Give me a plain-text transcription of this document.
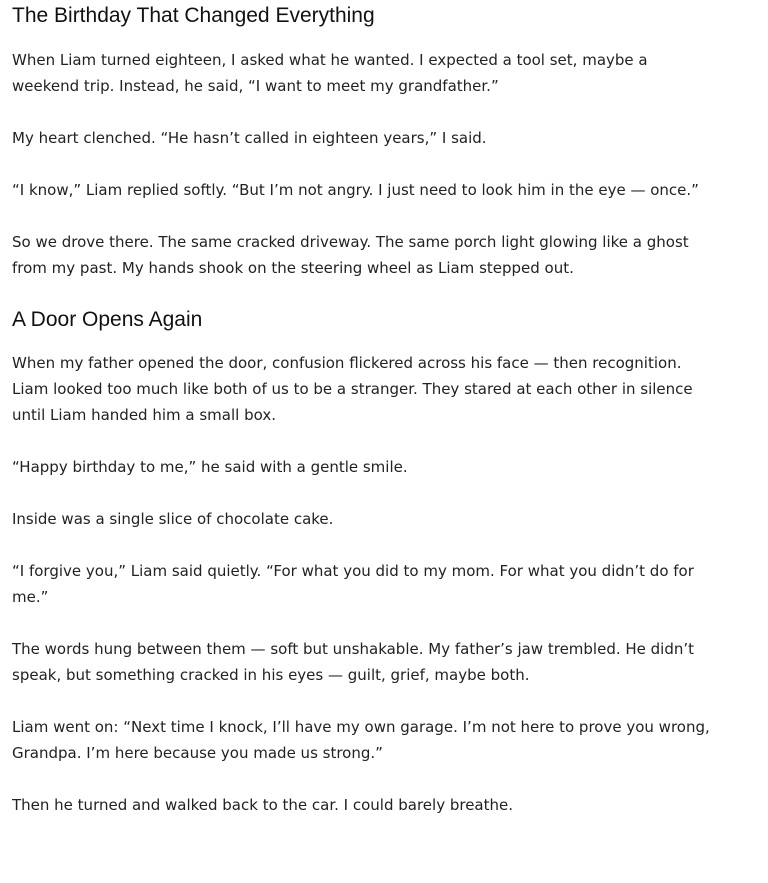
The Birthday That Changed Everything

When Liam turned eighteen, I asked what he wanted. I expected a tool set, maybe a weekend trip. Instead, he said, “I want to meet my grandfather.”

My heart clenched. “He hasn’t called in eighteen years,” I said.

“I know,” Liam replied softly. “But I’m not angry. I just need to look him in the eye — once.”

So we drove there. The same cracked driveway. The same porch light glowing like a ghost from my past. My hands shook on the steering wheel as Liam stepped out.

A Door Opens Again

When my father opened the door, confusion flickered across his face — then recognition. Liam looked too much like both of us to be a stranger. They stared at each other in silence until Liam handed him a small box.

“Happy birthday to me,” he said with a gentle smile.

Inside was a single slice of chocolate cake.

“I forgive you,” Liam said quietly. “For what you did to my mom. For what you didn’t do for me.”

The words hung between them — soft but unshakable. My father’s jaw trembled. He didn’t speak, but something cracked in his eyes — guilt, grief, maybe both.

Liam went on: “Next time I knock, I’ll have my own garage. I’m not here to prove you wrong, Grandpa. I’m here because you made us strong.”

Then he turned and walked back to the car. I could barely breathe.
